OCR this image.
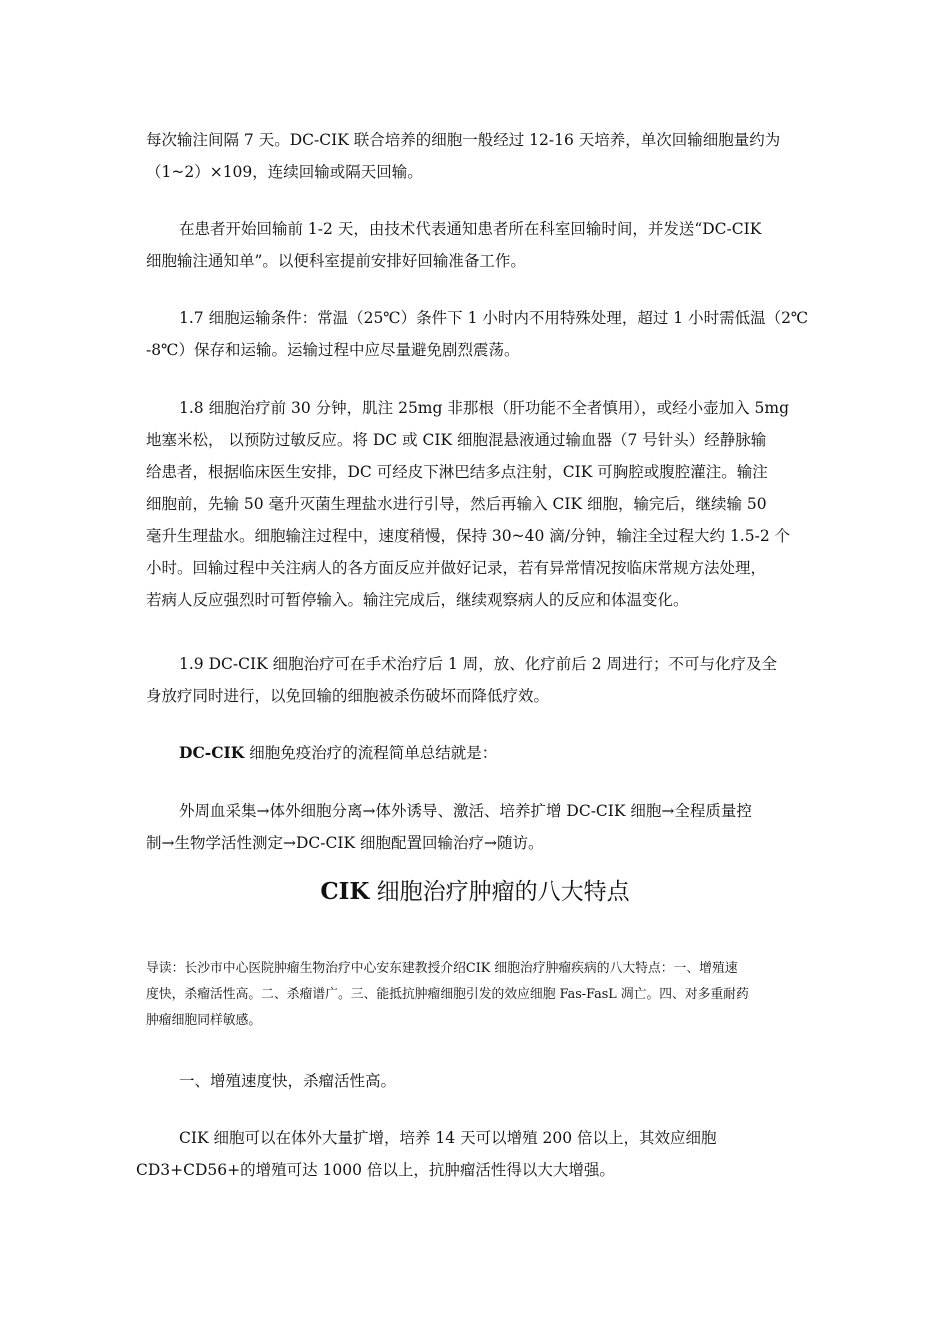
每次输注间隔 7 天。DC-CIK 联合培养的细胞一般经过 12-16 天培养，单次回输细胞量约为
（1~2）×109，连续回输或隔天回输。

在患者开始回输前 1-2 天，由技术代表通知患者所在科室回输时间，并发送“DC-CIK
细胞输注通知单”。以便科室提前安排好回输准备工作。

1.7 细胞运输条件：常温（25℃）条件下 1 小时内不用特殊处理，超过 1 小时需低温（2℃
-8℃）保存和运输。运输过程中应尽量避免剧烈震荡。

1.8 细胞治疗前 30 分钟，肌注 25mg 非那根（肝功能不全者慎用），或经小壶加入 5mg
地塞米松， 以预防过敏反应。将 DC 或 CIK 细胞混悬液通过输血器（7 号针头）经静脉输
给患者，根据临床医生安排，DC 可经皮下淋巴结多点注射，CIK 可胸腔或腹腔灌注。输注
细胞前，先输 50 毫升灭菌生理盐水进行引导，然后再输入 CIK 细胞，输完后，继续输 50
毫升生理盐水。细胞输注过程中，速度稍慢，保持 30~40 滴/分钟，输注全过程大约 1.5-2 个
小时。回输过程中关注病人的各方面反应并做好记录，若有异常情况按临床常规方法处理，
若病人反应强烈时可暂停输入。输注完成后，继续观察病人的反应和体温变化。

1.9 DC-CIK 细胞治疗可在手术治疗后 1 周，放、化疗前后 2 周进行；不可与化疗及全
身放疗同时进行，以免回输的细胞被杀伤破坏而降低疗效。

DC-CIK 细胞免疫治疗的流程简单总结就是：

外周血采集→体外细胞分离→体外诱导、激活、培养扩增 DC-CIK 细胞→全程质量控
制→生物学活性测定→DC-CIK 细胞配置回输治疗→随访。

CIK 细胞治疗肿瘤的八大特点

导读：长沙市中心医院肿瘤生物治疗中心安东建教授介绍CIK 细胞治疗肿瘤疾病的八大特点：一、增殖速
度快，杀瘤活性高。二、杀瘤谱广。三、能抵抗肿瘤细胞引发的效应细胞 Fas-FasL 凋亡。四、对多重耐药
肿瘤细胞同样敏感。

一、增殖速度快，杀瘤活性高。

CIK 细胞可以在体外大量扩增，培养 14 天可以增殖 200 倍以上，其效应细胞
CD3+CD56+的增殖可达 1000 倍以上，抗肿瘤活性得以大大增强。
